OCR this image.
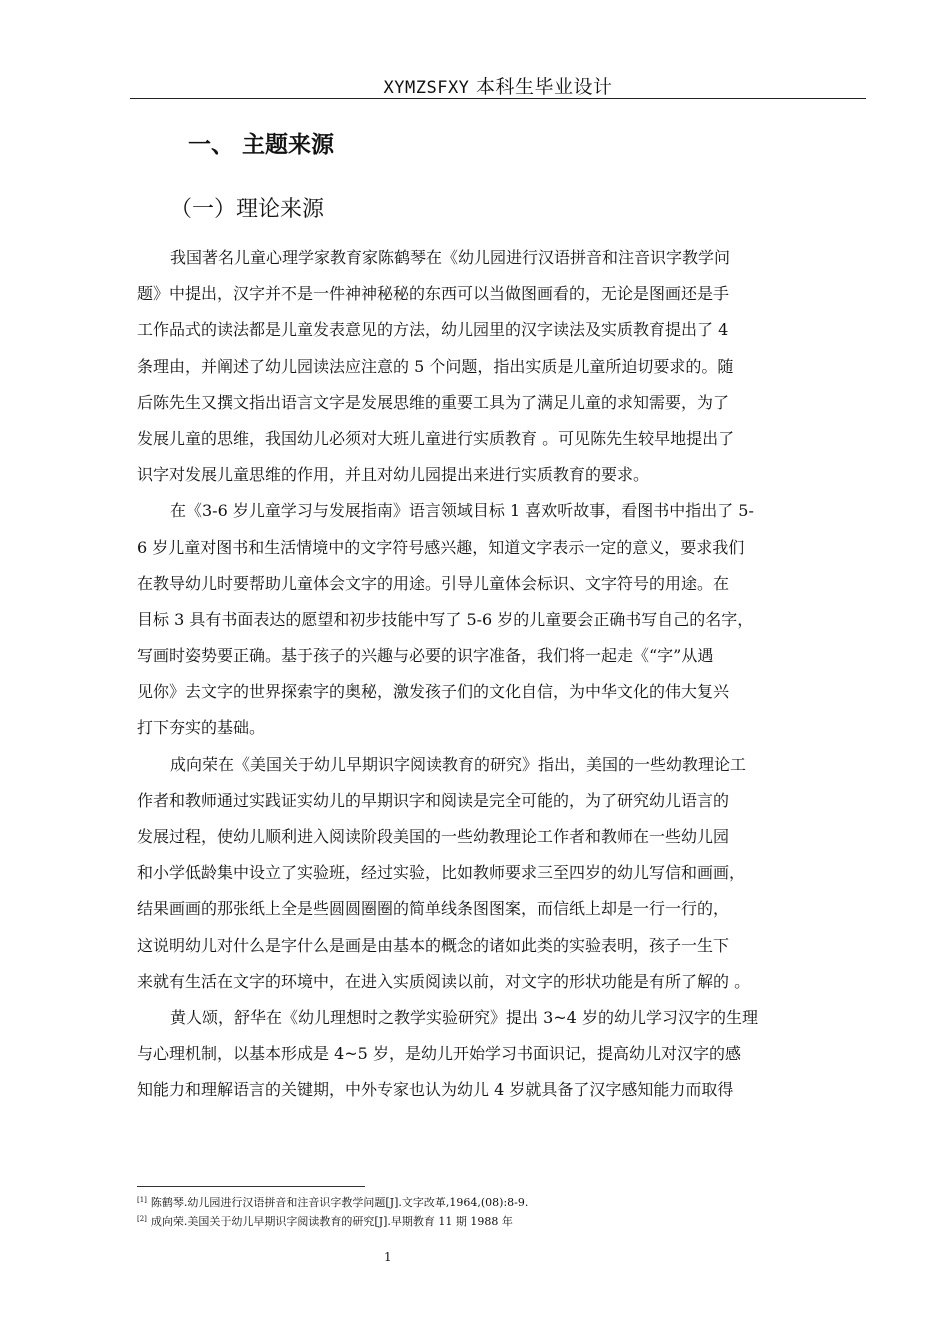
XYMZSFXY 本科生毕业设计
一、 主题来源
（一）理论来源
我国著名儿童心理学家教育家陈鹤琴在《幼儿园进行汉语拼音和注音识字教学问
题》中提出，汉字并不是一件神神秘秘的东西可以当做图画看的，无论是图画还是手
工作品式的读法都是儿童发表意见的方法，幼儿园里的汉字读法及实质教育提出了 4
条理由，并阐述了幼儿园读法应注意的 5 个问题，指出实质是儿童所迫切要求的。随
后陈先生又撰文指出语言文字是发展思维的重要工具为了满足儿童的求知需要，为了
发展儿童的思维，我国幼儿必须对大班儿童进行实质教育 。可见陈先生较早地提出了
识字对发展儿童思维的作用，并且对幼儿园提出来进行实质教育的要求。
在《3-6 岁儿童学习与发展指南》语言领域目标 1 喜欢听故事，看图书中指出了 5-
6 岁儿童对图书和生活情境中的文字符号感兴趣，知道文字表示一定的意义，要求我们
在教导幼儿时要帮助儿童体会文字的用途。引导儿童体会标识、文字符号的用途。在
目标 3 具有书面表达的愿望和初步技能中写了 5-6 岁的儿童要会正确书写自己的名字，
写画时姿势要正确。基于孩子的兴趣与必要的识字准备，我们将一起走《“字”从遇
见你》去文字的世界探索字的奥秘，激发孩子们的文化自信，为中华文化的伟大复兴
打下夯实的基础。
成向荣在《美国关于幼儿早期识字阅读教育的研究》指出，美国的一些幼教理论工
作者和教师通过实践证实幼儿的早期识字和阅读是完全可能的，为了研究幼儿语言的
发展过程，使幼儿顺利进入阅读阶段美国的一些幼教理论工作者和教师在一些幼儿园
和小学低龄集中设立了实验班，经过实验，比如教师要求三至四岁的幼儿写信和画画，
结果画画的那张纸上全是些圆圆圈圈的简单线条图图案，而信纸上却是一行一行的，
这说明幼儿对什么是字什么是画是由基本的概念的诸如此类的实验表明，孩子一生下
来就有生活在文字的环境中，在进入实质阅读以前，对文字的形状功能是有所了解的 。
黄人颂，舒华在《幼儿理想时之教学实验研究》提出 3~4 岁的幼儿学习汉字的生理
与心理机制，以基本形成是 4~5 岁，是幼儿开始学习书面识记，提高幼儿对汉字的感
知能力和理解语言的关键期，中外专家也认为幼儿 4 岁就具备了汉字感知能力而取得
[1] 陈鹤琴.幼儿园进行汉语拼音和注音识字教学问题[J].文字改革,1964,(08):8-9.
[2] 成向荣.美国关于幼儿早期识字阅读教育的研究[J].早期教育 11 期 1988 年
1
